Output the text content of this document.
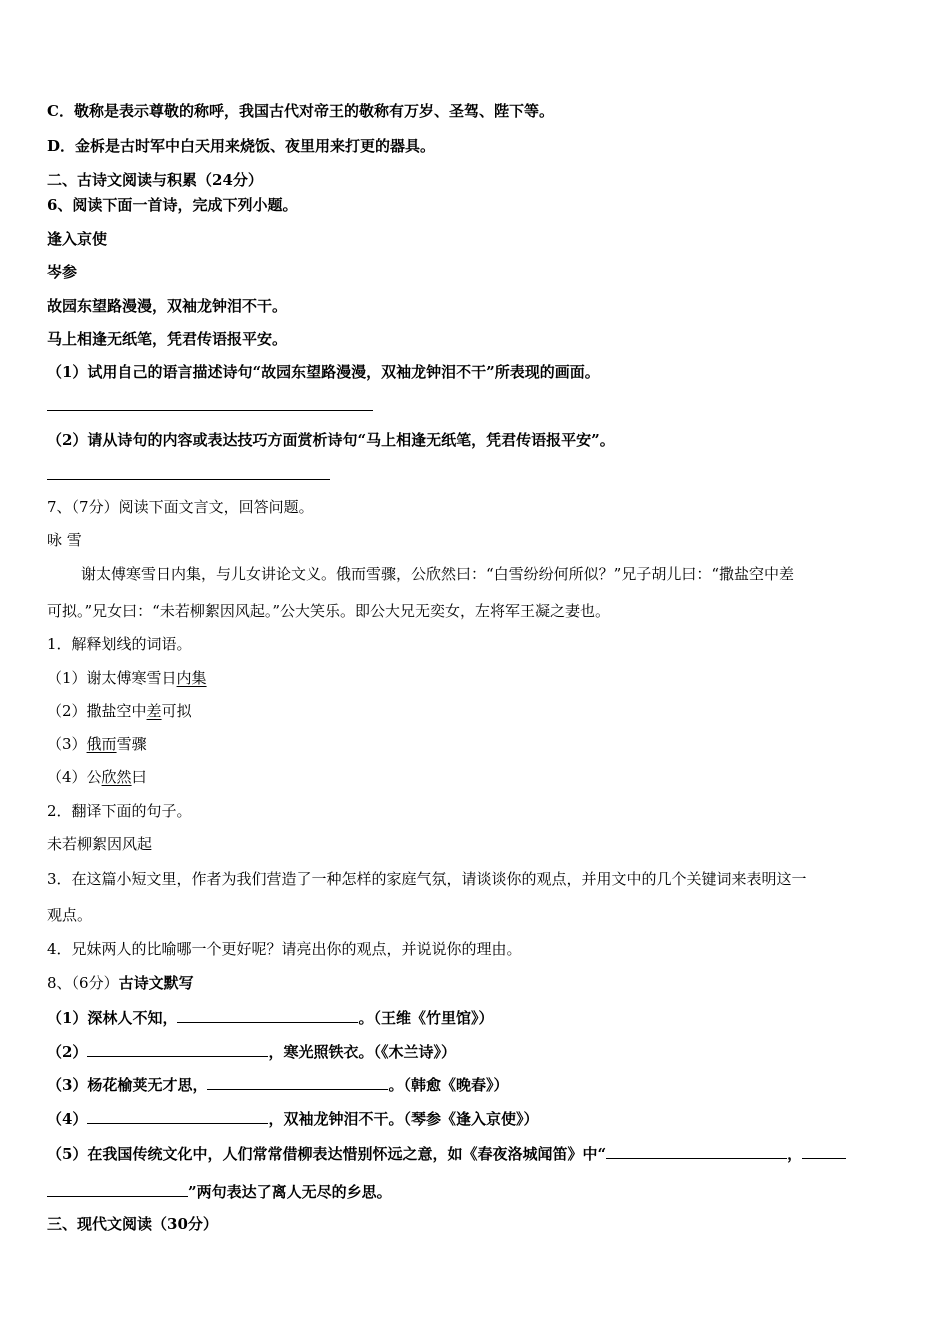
C．敬称是表示尊敬的称呼，我国古代对帝王的敬称有万岁、圣驾、陛下等。
D．金柝是古时军中白天用来烧饭、夜里用来打更的器具。
二、古诗文阅读与积累（24分）
6、阅读下面一首诗，完成下列小题。
逢入京使
岑参
故园东望路漫漫，双袖龙钟泪不干。
马上相逢无纸笔，凭君传语报平安。
（1）试用自己的语言描述诗句“故园东望路漫漫，双袖龙钟泪不干”所表现的画面。
（2）请从诗句的内容或表达技巧方面赏析诗句“马上相逢无纸笔，凭君传语报平安”。
7、（7分）阅读下面文言文，回答问题。
咏 雪
谢太傅寒雪日内集，与儿女讲论文义。俄而雪骤，公欣然曰：“白雪纷纷何所似？”兄子胡儿曰：“撒盐空中差
可拟。”兄女曰：“未若柳絮因风起。”公大笑乐。即公大兄无奕女，左将军王凝之妻也。
1．解释划线的词语。
（1）谢太傅寒雪日内集
（2）撒盐空中差可拟
（3）俄而雪骤
（4）公欣然曰
2．翻译下面的句子。
未若柳絮因风起
3．在这篇小短文里，作者为我们营造了一种怎样的家庭气氛，请谈谈你的观点，并用文中的几个关键词来表明这一
观点。
4．兄妹两人的比喻哪一个更好呢？请亮出你的观点，并说说你的理由。
8、（6分）古诗文默写
（1）深林人不知，	。（王维《竹里馆》）
（2）	，寒光照铁衣。（《木兰诗》）
（3）杨花榆荚无才思，	。（韩愈《晚春》）
（4）	，双袖龙钟泪不干。（琴参《逢入京使》）
（5）在我国传统文化中，人们常常借柳表达惜别怀远之意，如《春夜洛城闻笛》中“	，
”两句表达了离人无尽的乡思。
三、现代文阅读（30分）
